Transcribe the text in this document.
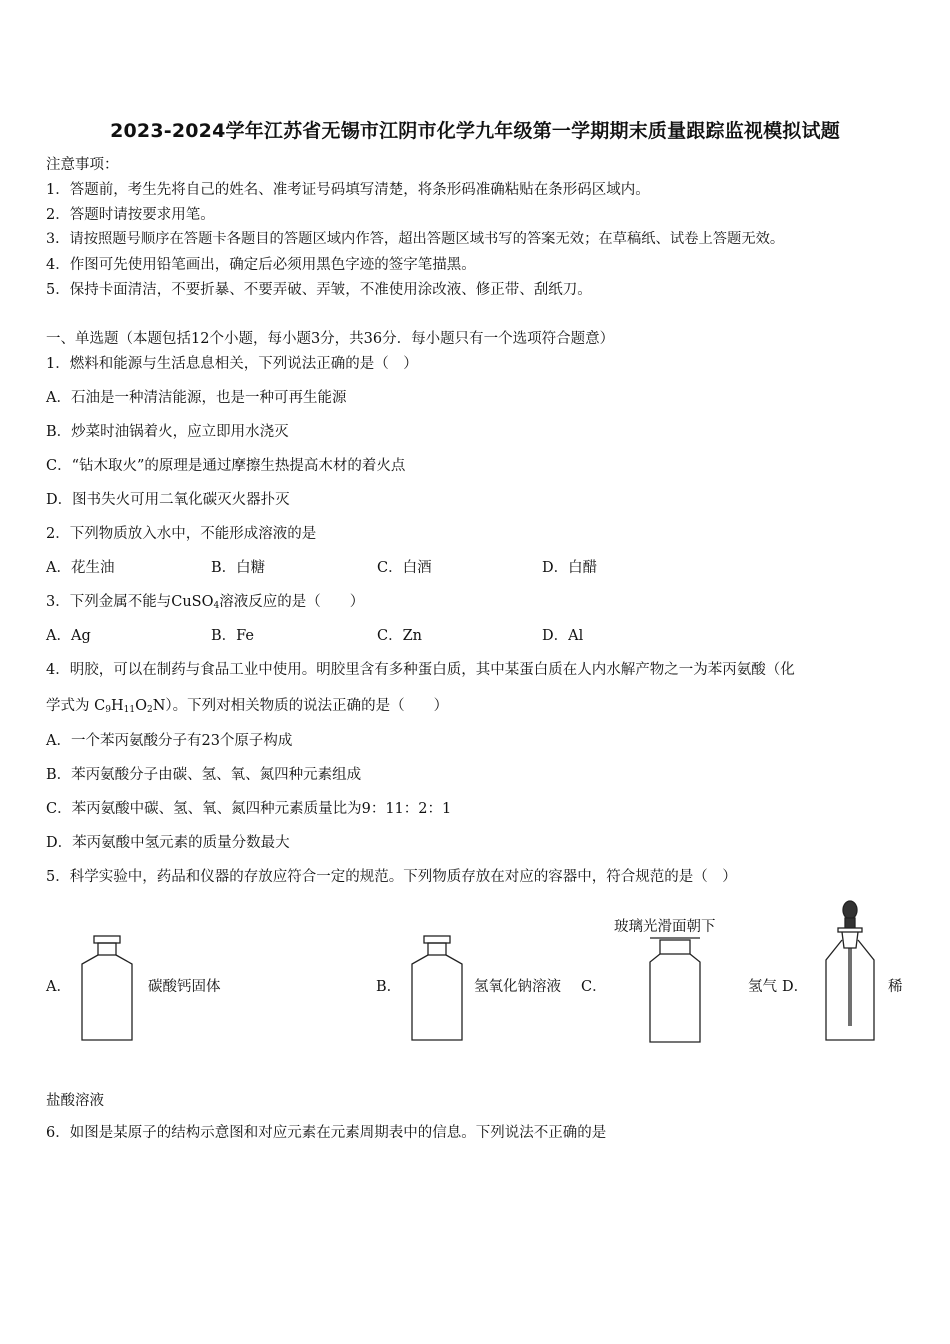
2023-2024学年江苏省无锡市江阴市化学九年级第一学期期末质量跟踪监视模拟试题
注意事项：
1．答题前，考生先将自己的姓名、准考证号码填写清楚，将条形码准确粘贴在条形码区域内。
2．答题时请按要求用笔。
3．请按照题号顺序在答题卡各题目的答题区域内作答，超出答题区域书写的答案无效；在草稿纸、试卷上答题无效。
4．作图可先使用铅笔画出，确定后必须用黑色字迹的签字笔描黑。
5．保持卡面清洁，不要折暴、不要弄破、弄皱，不准使用涂改液、修正带、刮纸刀。
一、单选题（本题包括12个小题，每小题3分，共36分．每小题只有一个选项符合题意）
1．燃料和能源与生活息息相关，下列说法正确的是（　）
A．石油是一种清洁能源，也是一种可再生能源
B．炒菜时油锅着火，应立即用水浇灭
C．“钻木取火”的原理是通过摩擦生热提高木材的着火点
D．图书失火可用二氧化碳灭火器扑灭
2．下列物质放入水中，不能形成溶液的是
A．花生油	B．白糖	C．白酒	D．白醋
3．下列金属不能与CuSO$_4$溶液反应的是（　　）
A．Ag	B．Fe	C．Zn	D．Al
4．明胶，可以在制药与食品工业中使用。明胶里含有多种蛋白质，其中某蛋白质在人内水解产物之一为苯丙氨酸（化
学式为 $C_9H_{11}O_2N$）。下列对相关物质的说法正确的是（　　）
A．一个苯丙氨酸分子有23个原子构成
B．苯丙氨酸分子由碳、氢、氧、氮四种元素组成
C．苯丙氨酸中碳、氢、氧、氮四种元素质量比为9：11：2：1
D．苯丙氨酸中氢元素的质量分数最大
5．科学实验中，药品和仪器的存放应符合一定的规范。下列物质存放在对应的容器中，符合规范的是（　）
A．	碳酸钙固体	B．	氢氧化钠溶液 C．
玻璃光滑面朝下
氢气 D．	稀
盐酸溶液
6．如图是某原子的结构示意图和对应元素在元素周期表中的信息。下列说法不正确的是
